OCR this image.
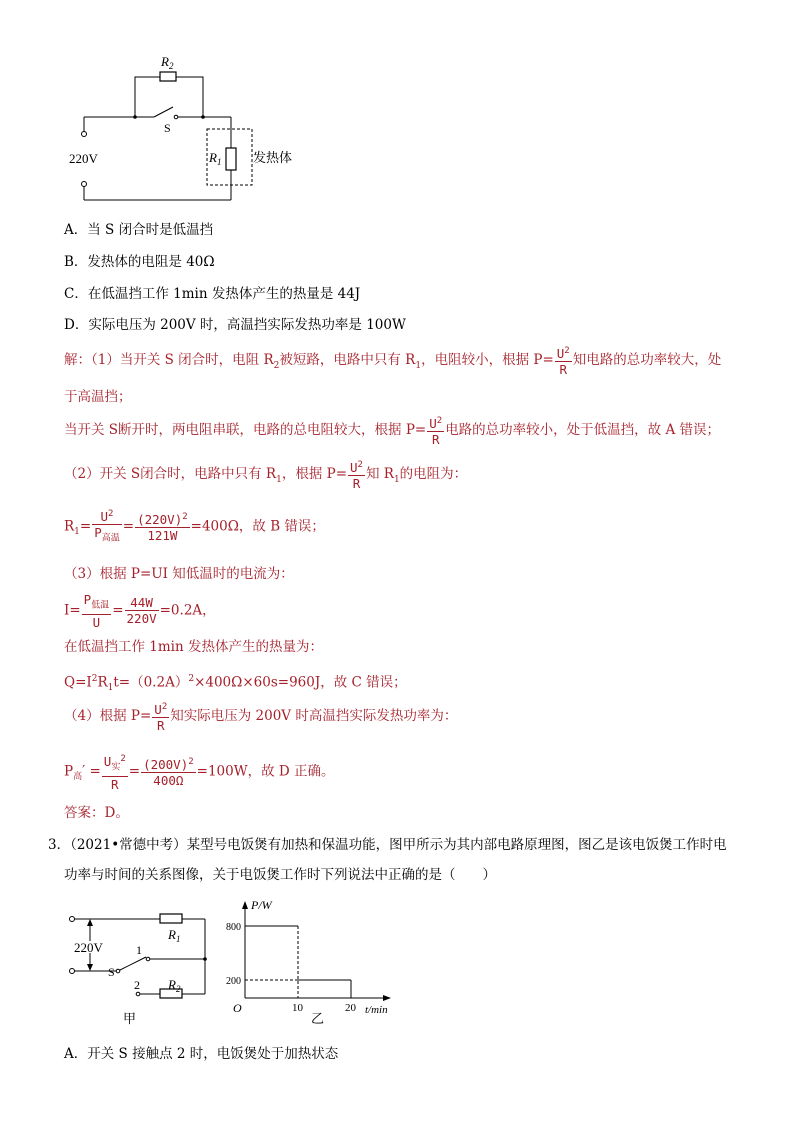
$R_2$
S
220V	$R_1$ 发热体
A．当 S 闭合时是低温挡
B．发热体的电阻是 40Ω
C．在低温挡工作 1min 发热体产生的热量是 44J
D．实际电压为 200V 时，高温挡实际发热功率是 100W
解：（1）当开关 S 闭合时，电阻 $R_2$被短路，电路中只有 $R_1$，电阻较小，根据 $P= \frac{U^2}{R}$ 知电路的总功率较大，处
于高温挡；
当开关 S断开时，两电阻串联，电路的总电阻较大，根据 $P= \frac{U^2}{R}$ 电路的总功率较小，处于低温挡，故 A 错误；
（2）开关 S闭合时，电路中只有 $R_1$，根据 $P= \frac{U^2}{R}$ 知 $R_1$的电阻为：
$R_1= \frac{U^2}{P_{高温}} = \frac{(220V)^2}{121W} =400\Omega$，故 B 错误；
（3）根据 P=UI 知低温时的电流为：
$I= \frac{P_{低温}}{U} = \frac{44W}{220V} =0.2A$，
在低温挡工作 1min 发热体产生的热量为：
$Q=I^2R_1t=(0.2A)^2\times 400\Omega\times 60s=960J$，故 C 错误；
（4）根据 $P= \frac{U^2}{R}$ 知实际电压为 200V 时高温挡实际发热功率为：
$P_高' = \frac{U_实^2}{R} = \frac{(200V)^2}{400\Omega} =100W$，故 D 正确。
答案：D。
3．（2021•常德中考）某型号电饭煲有加热和保温功能，图甲所示为其内部电路原理图，图乙是该电饭煲工作时电
功率与时间的关系图像，关于电饭煲工作时下列说法中正确的是（　　）
220V
$R_1$
1
S
2 $R_2$
甲
10	20
800
200
P/W
t/min
O
乙
A．开关 S 接触点 2 时，电饭煲处于加热状态
